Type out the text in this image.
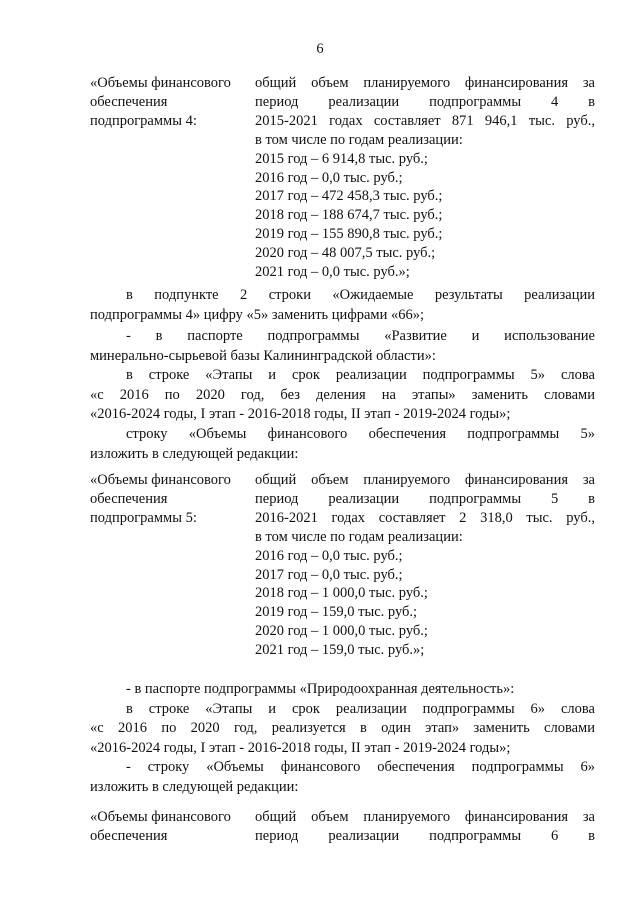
6
«Объемы финансового
обеспечения
подпрограммы 4:
общий объем планируемого финансирования за
период реализации подпрограммы 4 в
2015-2021 годах составляет 871 946,1 тыс. руб.,
в том числе по годам реализации:
2015 год – 6 914,8 тыс. руб.;
2016 год – 0,0 тыс. руб.;
2017 год – 472 458,3 тыс. руб.;
2018 год – 188 674,7 тыс. руб.;
2019 год – 155 890,8 тыс. руб.;
2020 год – 48 007,5 тыс. руб.;
2021 год – 0,0 тыс. руб.»;
в подпункте 2 строки «Ожидаемые результаты реализации
подпрограммы 4» цифру «5» заменить цифрами «66»;
- в паспорте подпрограммы «Развитие и использование
минерально-сырьевой базы Калининградской области»:
в строке «Этапы и срок реализации подпрограммы 5» слова
«с 2016 по 2020 год, без деления на этапы» заменить словами
«2016-2024 годы, I этап - 2016-2018 годы, II этап - 2019-2024 годы»;
строку «Объемы финансового обеспечения подпрограммы 5»
изложить в следующей редакции:
«Объемы финансового
обеспечения
подпрограммы 5:
общий объем планируемого финансирования за
период реализации подпрограммы 5 в
2016-2021 годах составляет 2 318,0 тыс. руб.,
в том числе по годам реализации:
2016 год – 0,0 тыс. руб.;
2017 год – 0,0 тыс. руб.;
2018 год – 1 000,0 тыс. руб.;
2019 год – 159,0 тыс. руб.;
2020 год – 1 000,0 тыс. руб.;
2021 год – 159,0 тыс. руб.»;
- в паспорте подпрограммы «Природоохранная деятельность»:
в строке «Этапы и срок реализации подпрограммы 6» слова
«с 2016 по 2020 год, реализуется в один этап» заменить словами
«2016-2024 годы, I этап - 2016-2018 годы, II этап - 2019-2024 годы»;
- строку «Объемы финансового обеспечения подпрограммы 6»
изложить в следующей редакции:
«Объемы финансового
обеспечения
общий объем планируемого финансирования за
период реализации подпрограммы 6 в
